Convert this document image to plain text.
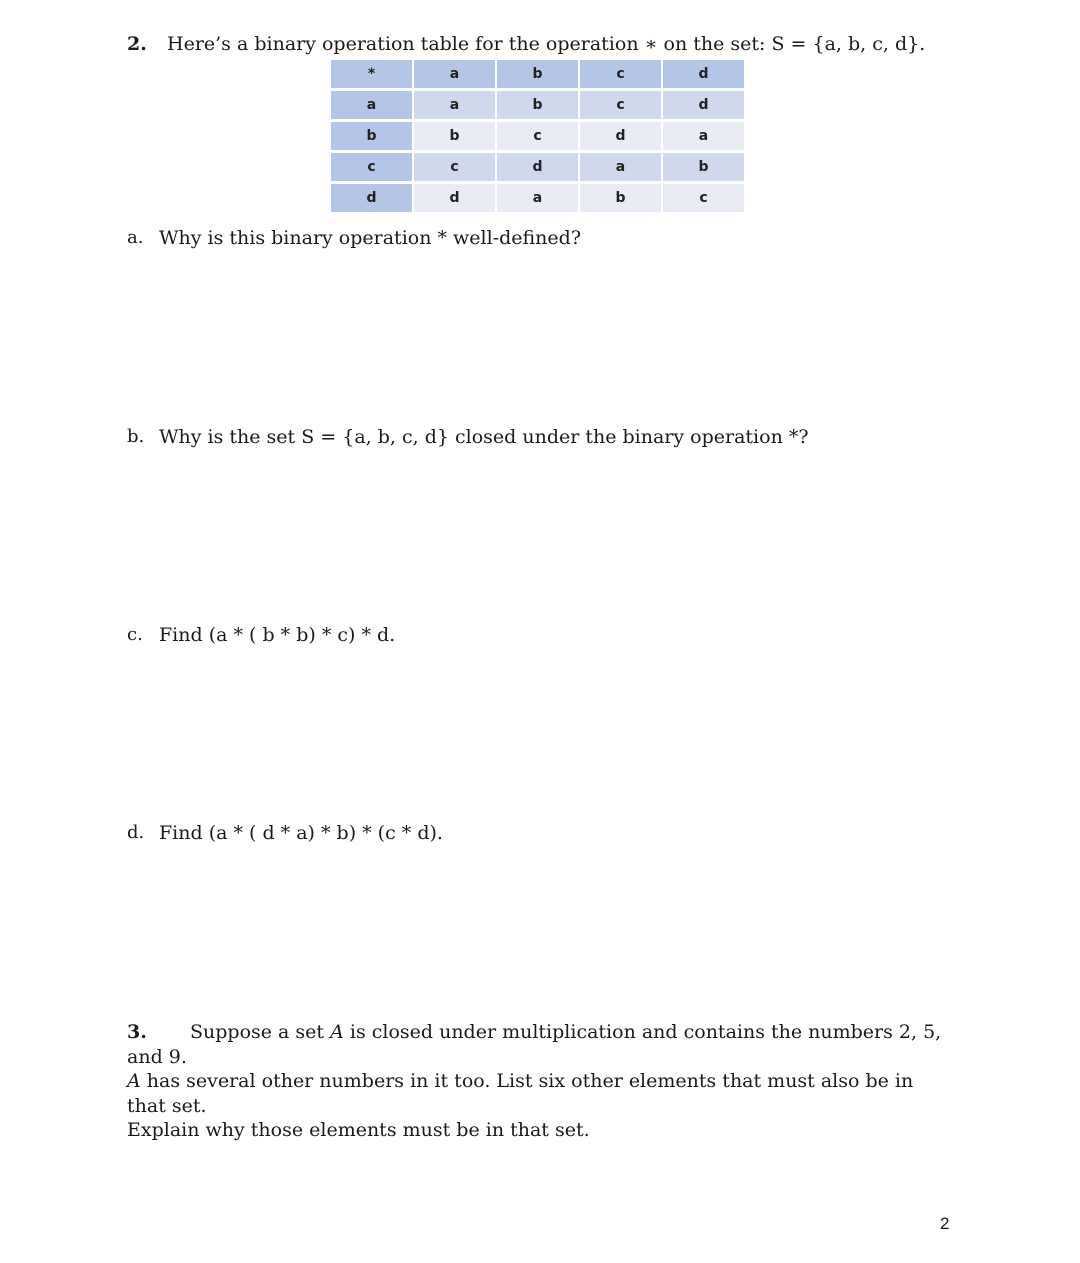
2. Here’s a binary operation table for the operation ∗ on the set: S = {a, b, c, d}.
*	a	b	c	d
a	a	b	c	d
b	b	c	d	a
c	c	d	a	b
d	d	a	b	c
a. Why is this binary operation * well-defined?
b. Why is the set S = {a, b, c, d} closed under the binary operation *?
c. Find (a * ( b * b) * c) * d.
d. Find (a * ( d * a) * b) * (c * d).
3. Suppose a set A is closed under multiplication and contains the numbers 2, 5, and 9.
A has several other numbers in it too. List six other elements that must also be in that set.
Explain why those elements must be in that set.
2
